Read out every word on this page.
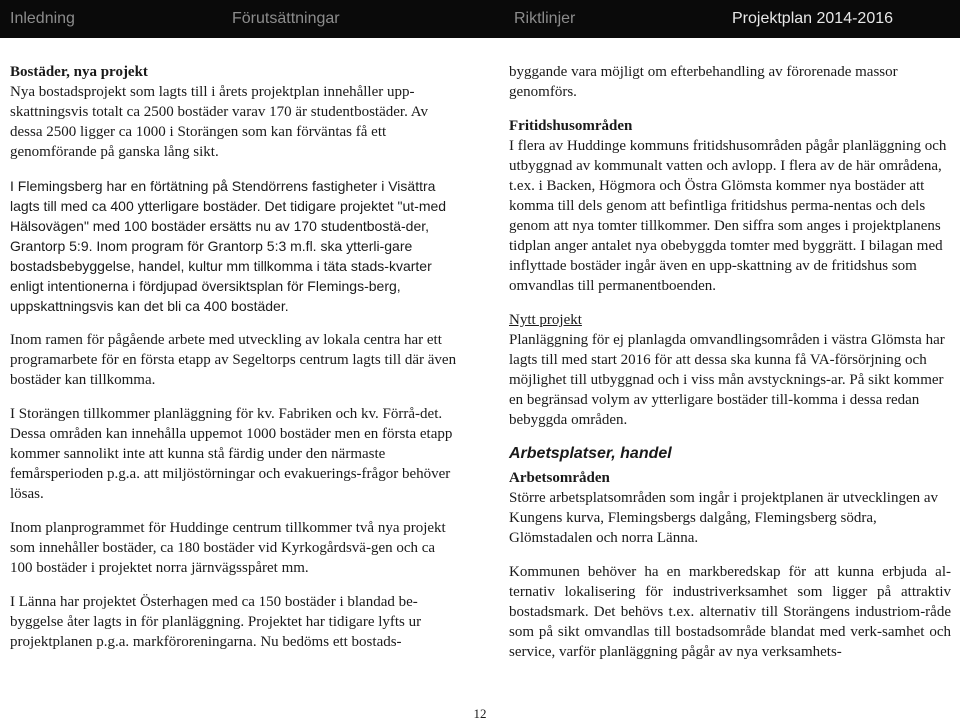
Inledning	Förutsättningar	Riktlinjer	Projektplan 2014-2016

Bostäder, nya projekt

Nya bostadsprojekt som lagts till i årets projektplan innehåller upp-skattningsvis totalt ca 2500 bostäder varav 170 är studentbostäder. Av dessa 2500 ligger ca 1000 i Storängen som kan förväntas få ett genomförande på ganska lång sikt.

I Flemingsberg har en förtätning på Stendörrens fastigheter i Visättra lagts till med ca 400 ytterligare bostäder. Det tidigare projektet "ut-med Hälsovägen" med 100 bostäder ersätts nu av 170 studentbostä-der, Grantorp 5:9. Inom program för Grantorp 5:3 m.fl. ska ytterli-gare bostadsbebyggelse, handel, kultur mm tillkomma i täta stads-kvarter enligt intentionerna i fördjupad översiktsplan för Flemings-berg, uppskattningsvis kan det bli ca 400 bostäder.

Inom ramen för pågående arbete med utveckling av lokala centra har ett programarbete för en första etapp av Segeltorps centrum lagts till där även bostäder kan tillkomma.

I Storängen tillkommer planläggning för kv. Fabriken och kv. Förrå-det. Dessa områden kan innehålla uppemot 1000 bostäder men en första etapp kommer sannolikt inte att kunna stå färdig under den närmaste femårsperioden p.g.a. att miljöstörningar och evakuerings-frågor behöver lösas.

Inom planprogrammet för Huddinge centrum tillkommer två nya projekt som innehåller bostäder, ca 180 bostäder vid Kyrkogårdsvä-gen och ca 100 bostäder i projektet norra järnvägsspåret mm.

I Länna har projektet Österhagen med ca 150 bostäder i blandad be-byggelse åter lagts in för planläggning. Projektet har tidigare lyfts ur projektplanen p.g.a. markföroreningarna. Nu bedöms ett bostads-

byggande vara möjligt om efterbehandling av förorenade massor genomförs.

Fritidshusområden

I flera av Huddinge kommuns fritidshusområden pågår planläggning och utbyggnad av kommunalt vatten och avlopp. I flera av de här områdena, t.ex. i Backen, Högmora och Östra Glömsta kommer nya bostäder att komma till dels genom att befintliga fritidshus perma-nentas och dels genom att nya tomter tillkommer. Den siffra som anges i projektplanens tidplan anger antalet nya obebyggda tomter med byggrätt. I bilagan med inflyttade bostäder ingår även en upp-skattning av de fritidshus som omvandlas till permanentboenden.

Nytt projekt

Planläggning för ej planlagda omvandlingsområden i västra Glömsta har lagts till med start 2016 för att dessa ska kunna få VA-försörjning och möjlighet till utbyggnad och i viss mån avstycknings-ar. På sikt kommer en begränsad volym av ytterligare bostäder till-komma i dessa redan bebyggda områden.

Arbetsplatser, handel

Arbetsområden

Större arbetsplatsområden som ingår i projektplanen är utvecklingen av Kungens kurva, Flemingsbergs dalgång, Flemingsberg södra, Glömstadalen och norra Länna.

Kommunen behöver ha en markberedskap för att kunna erbjuda al-ternativ lokalisering för industriverksamhet som ligger på attraktiv bostadsmark. Det behövs t.ex. alternativ till Storängens industriom-råde som på sikt omvandlas till bostadsområde blandat med verk-samhet och service, varför planläggning pågår av nya verksamhets-

12
